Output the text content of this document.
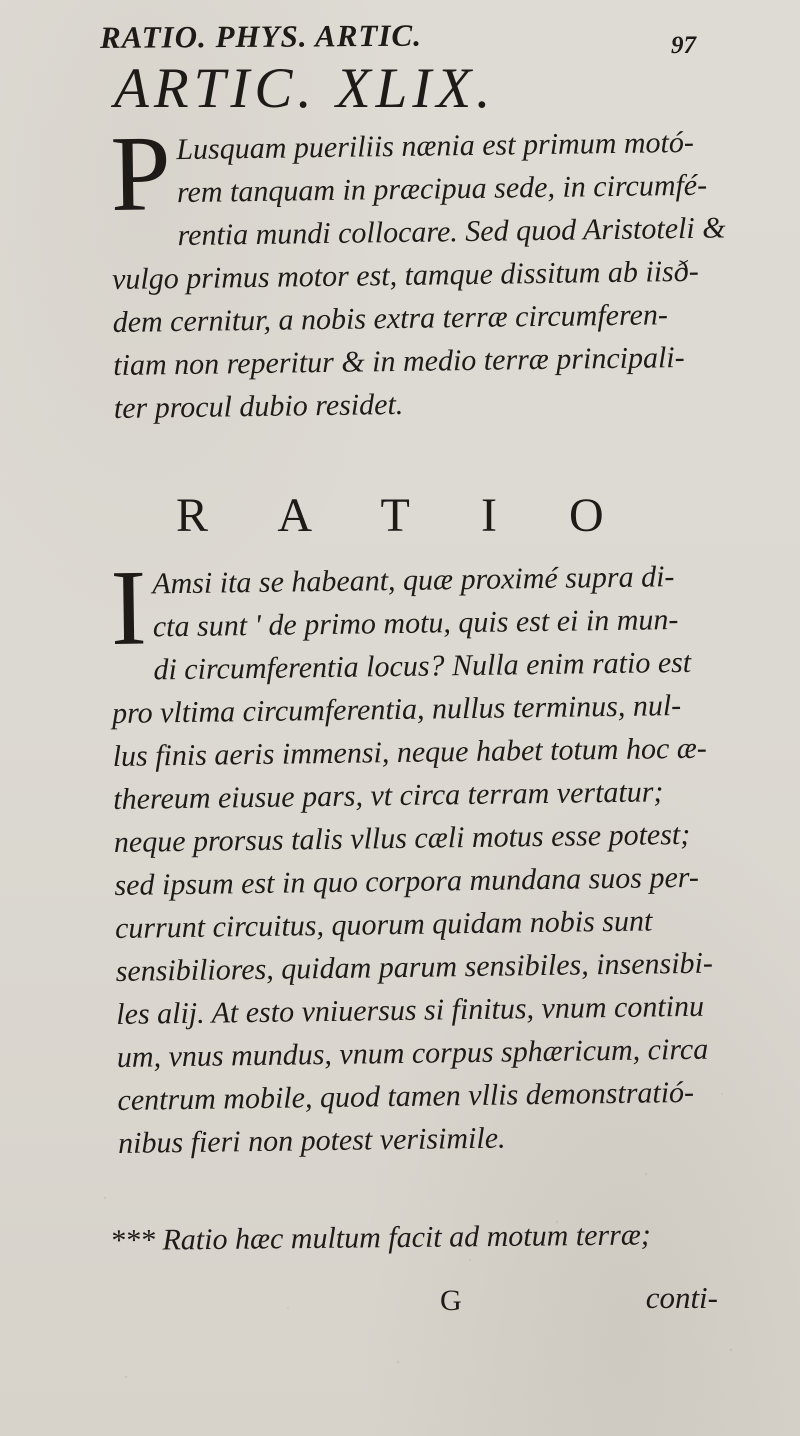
RATIO. PHYS. ARTIC.	97
ARTIC. XLIX.
P Lusquam pueriliis nænia est primum motó-
rem tanquam in præcipua sede, in circumfé-
rentia mundi collocare. Sed quod Aristoteli &
vulgo primus motor est, tamque dissitum ab iisð-
dem cernitur, a nobis extra terræ circumferen-
tiam non reperitur & in medio terræ principali-
ter procul dubio residet.
R A T I O
I Amsi ita se habeant, quæ proximé supra di-
cta sunt ' de primo motu, quis est ei in mun-
di circumferentia locus? Nulla enim ratio est
pro vltima circumferentia, nullus terminus, nul-
lus finis aeris immensi, neque habet totum hoc æ-
thereum eiusue pars, vt circa terram vertatur;
neque prorsus talis vllus cæli motus esse potest;
sed ipsum est in quo corpora mundana suos per-
currunt circuitus, quorum quidam nobis sunt
sensibiliores, quidam parum sensibiles, insensibi-
les alij. At esto vniuersus si finitus, vnum continu
um, vnus mundus, vnum corpus sphæricum, circa
centrum mobile, quod tamen vllis demonstratió-
nibus fieri non potest verisimile.
*** Ratio hæc multum facit ad motum terræ;
G	conti-
